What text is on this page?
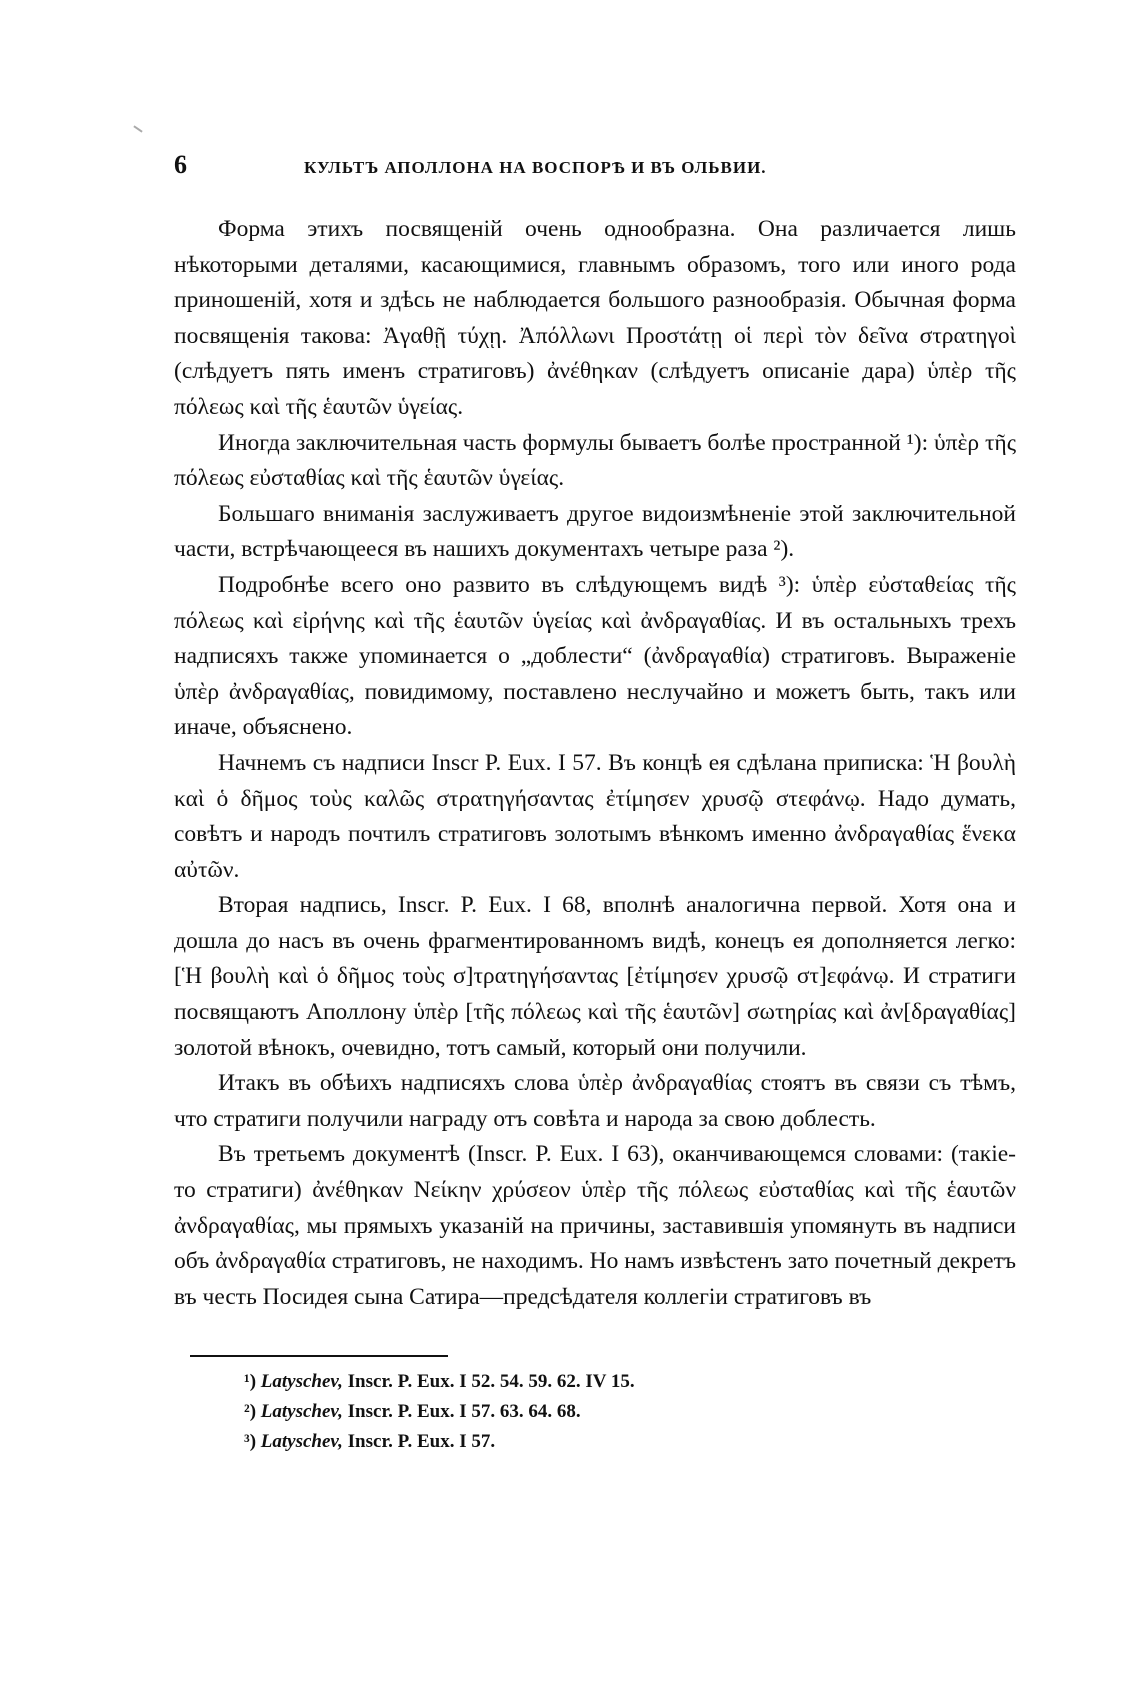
6	КУЛЬТЪ АПОЛЛОНА НА ВОСПОРѢ И ВЪ ОЛЬВИИ.

Форма этихъ посвященій очень однообразна. Она различается лишь нѣкоторыми деталями, касающимися, главнымъ образомъ, того или иного рода приношеній, хотя и здѣсь не наблюдается большого разнообразія. Обычная форма посвященія такова: Ἀγαθῇ τύχῃ. Ἀπόλλωνι Προστάτῃ οἱ περὶ τὸν δεῖνα στρατηγοὶ (слѣдуетъ пять именъ стратиговъ) ἀνέθηκαν (слѣдуетъ описаніе дара) ὑπὲρ τῆς πόλεως καὶ τῆς ἑαυτῶν ὑγείας.

Иногда заключительная часть формулы бываетъ болѣе пространной ¹): ὑπὲρ τῆς πόλεως εὐσταθίας καὶ τῆς ἑαυτῶν ὑγείας.

Большаго вниманія заслуживаетъ другое видоизмѣненіе этой заключительной части, встрѣчающееся въ нашихъ документахъ четыре раза ²).

Подробнѣе всего оно развито въ слѣдующемъ видѣ ³): ὑπὲρ εὐσταθείας τῆς πόλεως καὶ εἰρήνης καὶ τῆς ἑαυτῶν ὑγείας καὶ ἀνδραγαθίας. И въ остальныхъ трехъ надписяхъ также упоминается о „доблести“ (ἀνδραγαθία) стратиговъ. Выраженіе ὑπὲρ ἀνδραγαθίας, повидимому, поставлено неслучайно и можетъ быть, такъ или иначе, объяснено.

Начнемъ съ надписи Inscr P. Eux. I 57. Въ концѣ ея сдѣлана приписка: Ἡ βουλὴ καὶ ὁ δῆμος τοὺς καλῶς στρατηγήσαντας ἐτίμησεν χρυσῷ στεφάνῳ. Надо думать, совѣтъ и народъ почтилъ стратиговъ золотымъ вѣнкомъ именно ἀνδραγαθίας ἕνεκα αὐτῶν.

Вторая надпись, Inscr. P. Eux. I 68, вполнѣ аналогична первой. Хотя она и дошла до насъ въ очень фрагментированномъ видѣ, конецъ ея дополняется легко: [Ἡ βουλὴ καὶ ὁ δῆμος τοὺς σ]τρατηγήσαντας [ἐτίμησεν χρυσῷ στ]εφάνῳ. И стратиги посвящаютъ Аполлону ὑπὲρ [τῆς πόλεως καὶ τῆς ἑαυτῶν] σωτηρίας καὶ ἀν[δραγαθίας] золотой вѣнокъ, очевидно, тотъ самый, который они получили.

Итакъ въ обѣихъ надписяхъ слова ὑπὲρ ἀνδραγαθίας стоятъ въ связи съ тѣмъ, что стратиги получили награду отъ совѣта и народа за свою доблесть.

Въ третьемъ документѣ (Inscr. P. Eux. I 63), оканчивающемся словами: (такіе-то стратиги) ἀνέθηκαν Νείκην χρύσεον ὑπὲρ τῆς πόλεως εὐσταθίας καὶ τῆς ἑαυτῶν ἀνδραγαθίας, мы прямыхъ указаній на причины, заставившія упомянуть въ надписи объ ἀνδραγαθία стратиговъ, не находимъ. Но намъ извѣстенъ зато почетный декретъ въ честь Посидея сына Сатира—предсѣдателя коллегіи стратиговъ въ

¹) Latyschev, Inscr. P. Eux. I 52. 54. 59. 62. IV 15.
²) Latyschev, Inscr. P. Eux. I 57. 63. 64. 68.
³) Latyschev, Inscr. P. Eux. I 57.
